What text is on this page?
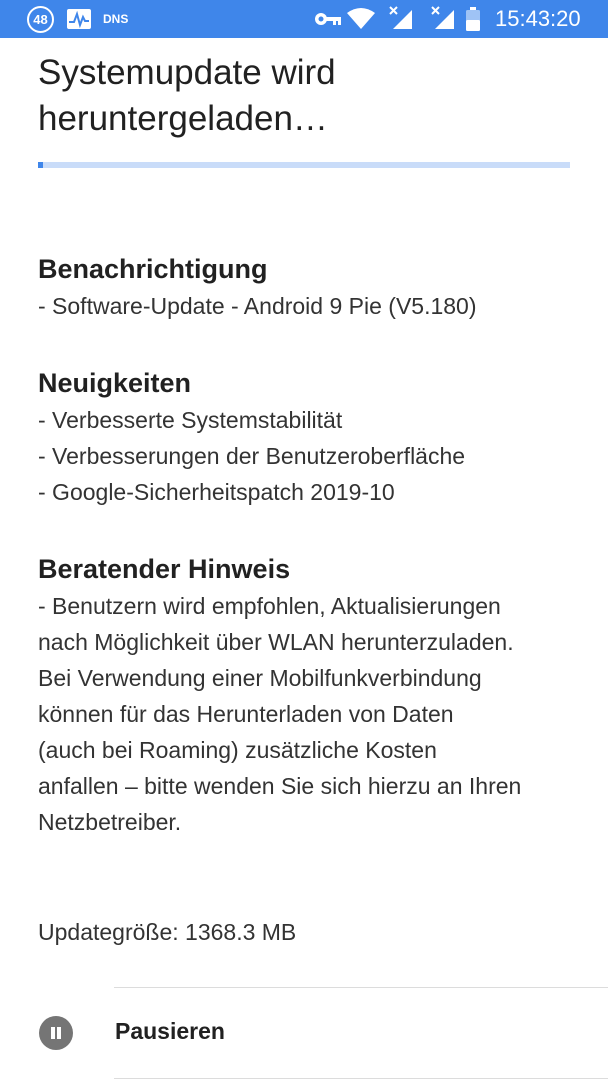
48	DNS	15:43:20
Systemupdate wird heruntergeladen…
Benachrichtigung
- Software-Update - Android 9 Pie (V5.180)
Neuigkeiten
- Verbesserte Systemstabilität
- Verbesserungen der Benutzeroberfläche
- Google-Sicherheitspatch 2019-10
Beratender Hinweis
- Benutzern wird empfohlen, Aktualisierungen
nach Möglichkeit über WLAN herunterzuladen.
Bei Verwendung einer Mobilfunkverbindung
können für das Herunterladen von Daten
(auch bei Roaming) zusätzliche Kosten
anfallen – bitte wenden Sie sich hierzu an Ihren
Netzbetreiber.
Updategröße: 1368.3 MB
Pausieren
